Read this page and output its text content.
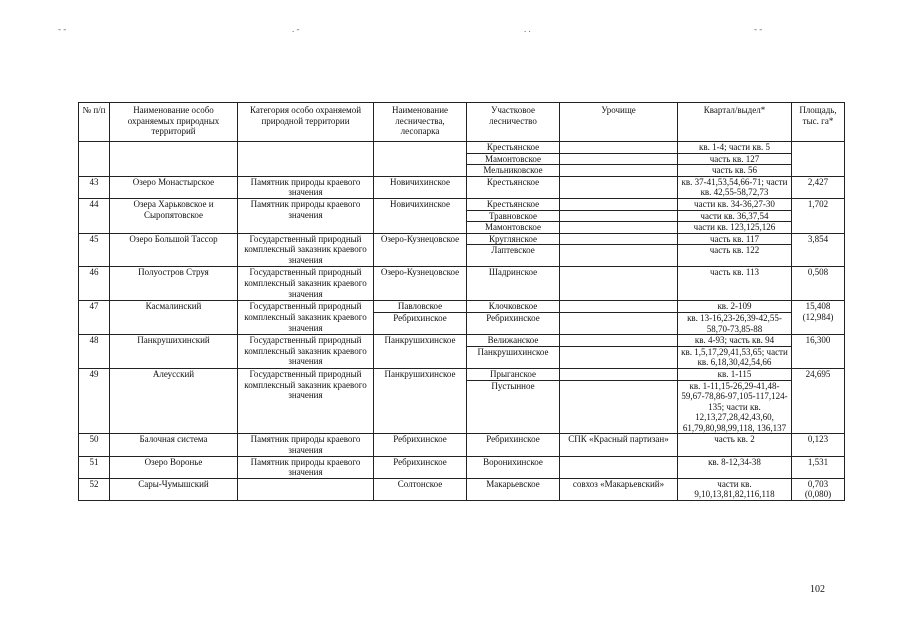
- -	. -	. .	- -
№ п/п	Наименование особо охраняемых природных территорий	Категория особо охраняемой природной территории	Наименование лесничества, лесопарка	Участковое лесничество	Урочище	Квартал/выдел*	Площадь, тыс. га*
				Крестьянское		кв. 1-4; части кв. 5	
				Мамонтовское		часть кв. 127	
				Мельниковское		часть кв. 56	
43	Озеро Монастырское	Памятник природы краевого значения	Новичихинское	Крестьянское		кв. 37-41,53,54,66-71; части кв. 42,55-58,72,73	2,427
44	Озера Харьковское и Сыропятовское	Памятник природы краевого значения	Новичихинское	Крестьянское		части кв. 34-36,27-30	1,702
				Травновское		части кв. 36,37,54	
				Мамонтовское		части кв. 123,125,126	
45	Озеро Большой Тассор	Государственный природный комплексный заказник краевого значения	Озеро-Кузнецовское	Круглянское		часть кв. 117	3,854
				Лаптевское		часть кв. 122	
46	Полуостров Струя	Государственный природный комплексный заказник краевого значения	Озеро-Кузнецовское	Шадринское		часть кв. 113	0,508
47	Касмалинский	Государственный природный комплексный заказник краевого значения	Павловское	Клочковское		кв. 2-109	15,408 (12,984)
			Ребрихинское	Ребрихинское		кв. 13-16,23-26,39-42,55-58,70-73,85-88	
48	Панкрушихинский	Государственный природный комплексный заказник краевого значения	Панкрушихинское	Велижанское		кв. 4-93; часть кв. 94	16,300
				Панкрушихинское		кв. 1,5,17,29,41,53,65; части кв. 6,18,30,42,54,66	
49	Алеусский	Государственный природный комплексный заказник краевого значения	Панкрушихинское	Прыганское		кв. 1-115	24,695
				Пустынное		кв. 1-11,15-26,29-41,48-59,67-78,86-97,105-117,124-135; части кв. 12,13,27,28,42,43,60, 61,79,80,98,99,118, 136,137	
50	Балочная система	Памятник природы краевого значения	Ребрихинское	Ребрихинское	СПК «Красный партизан»	часть кв. 2	0,123
51	Озеро Воронье	Памятник природы краевого значения	Ребрихинское	Воронихинское		кв. 8-12,34-38	1,531
52	Сары-Чумышский		Солтонское	Макарьевское	совхоз «Макарьевский»	части кв. 9,10,13,81,82,116,118	0,703 (0,080)
102
